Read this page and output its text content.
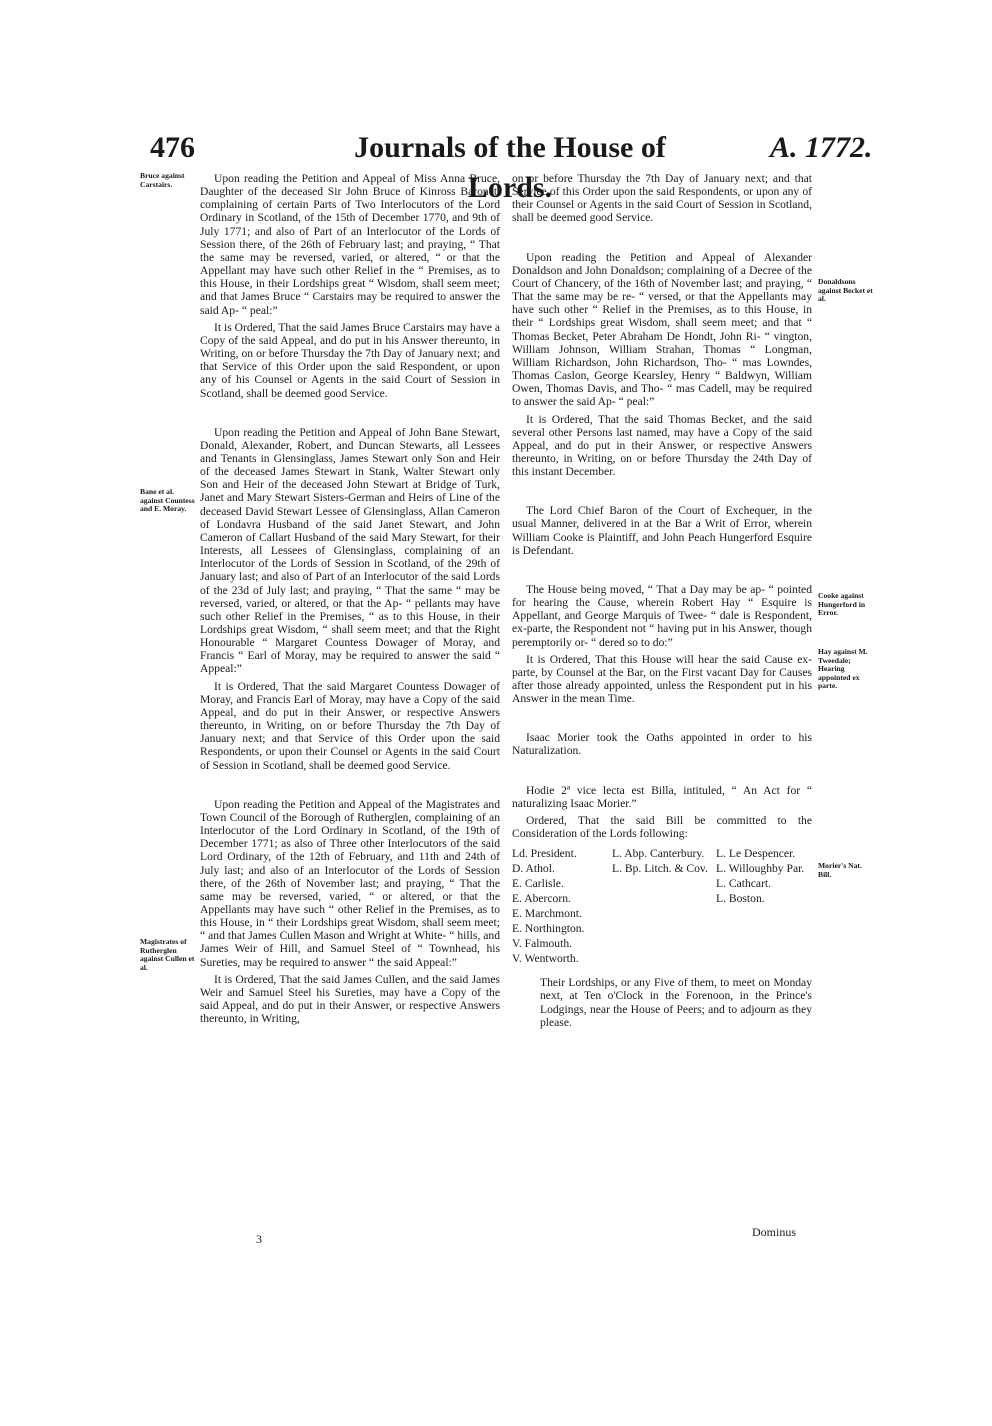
476	Journals of the House of Lords.
A. 1772.
Bruce against Carstairs.
Bane et al. against Countess and E. Moray.
Magistrates of Rutherglen against Cullen et al.
Donaldsons against Becket et al.
Cooke against Hungerford in Error.
Hay against M. Tweedale; Hearing appointed ex parte.
Morier's Nat. Bill.

Upon reading the Petition and Appeal of Miss Anna Bruce, Daughter of the deceased Sir John Bruce of Kinross Baronet, complaining of certain Parts of Two Interlocutors of the Lord Ordinary in Scotland, of the 15th of December 1770, and 9th of July 1771; and also of Part of an Interlocutor of the Lords of Session there, of the 26th of February last; and praying, “ That the same may be reversed, varied, or altered, “ or that the Appellant may have such other Relief in the “ Premises, as to this House, in their Lordships great “ Wisdom, shall seem meet; and that James Bruce “ Carstairs may be required to answer the said Ap- “ peal:”

It is Ordered, That the said James Bruce Carstairs may have a Copy of the said Appeal, and do put in his Answer thereunto, in Writing, on or before Thursday the 7th Day of January next; and that Service of this Order upon the said Respondent, or upon any of his Counsel or Agents in the said Court of Session in Scotland, shall be deemed good Service.

Upon reading the Petition and Appeal of John Bane Stewart, Donald, Alexander, Robert, and Duncan Stewarts, all Lessees and Tenants in Glensinglass, James Stewart only Son and Heir of the deceased James Stewart in Stank, Walter Stewart only Son and Heir of the deceased John Stewart at Bridge of Turk, Janet and Mary Stewart Sisters-German and Heirs of Line of the deceased David Stewart Lessee of Glensinglass, Allan Cameron of Londavra Husband of the said Janet Stewart, and John Cameron of Callart Husband of the said Mary Stewart, for their Interests, all Lessees of Glensinglass, complaining of an Interlocutor of the Lords of Session in Scotland, of the 29th of January last; and also of Part of an Interlocutor of the said Lords of the 23d of July last; and praying, “ That the same “ may be reversed, varied, or altered, or that the Ap- “ pellants may have such other Relief in the Premises, “ as to this House, in their Lordships great Wisdom, “ shall seem meet; and that the Right Honourable “ Margaret Countess Dowager of Moray, and Francis “ Earl of Moray, may be required to answer the said “ Appeal:”

It is Ordered, That the said Margaret Countess Dowager of Moray, and Francis Earl of Moray, may have a Copy of the said Appeal, and do put in their Answer, or respective Answers thereunto, in Writing, on or before Thursday the 7th Day of January next; and that Service of this Order upon the said Respondents, or upon their Counsel or Agents in the said Court of Session in Scotland, shall be deemed good Service.

Upon reading the Petition and Appeal of the Magistrates and Town Council of the Borough of Rutherglen, complaining of an Interlocutor of the Lord Ordinary in Scotland, of the 19th of December 1771; as also of Three other Interlocutors of the said Lord Ordinary, of the 12th of February, and 11th and 24th of July last; and also of an Interlocutor of the Lords of Session there, of the 26th of November last; and praying, “ That the same may be reversed, varied, “ or altered, or that the Appellants may have such “ other Relief in the Premises, as to this House, in “ their Lordships great Wisdom, shall seem meet; “ and that James Cullen Mason and Wright at White- “ hills, and James Weir of Hill, and Samuel Steel of “ Townhead, his Sureties, may be required to answer “ the said Appeal:”

It is Ordered, That the said James Cullen, and the said James Weir and Samuel Steel his Sureties, may have a Copy of the said Appeal, and do put in their Answer, or respective Answers thereunto, in Writing,

on or before Thursday the 7th Day of January next; and that Service of this Order upon the said Respondents, or upon any of their Counsel or Agents in the said Court of Session in Scotland, shall be deemed good Service.

Upon reading the Petition and Appeal of Alexander Donaldson and John Donaldson; complaining of a Decree of the Court of Chancery, of the 16th of November last; and praying, “ That the same may be re- “ versed, or that the Appellants may have such other “ Relief in the Premises, as to this House, in their “ Lordships great Wisdom, shall seem meet; and that “ Thomas Becket, Peter Abraham De Hondt, John Ri- “ vington, William Johnson, William Strahan, Thomas “ Longman, William Richardson, John Richardson, Tho- “ mas Lowndes, Thomas Caslon, George Kearsley, Henry “ Baldwyn, William Owen, Thomas Davis, and Tho- “ mas Cadell, may be required to answer the said Ap- “ peal:”

It is Ordered, That the said Thomas Becket, and the said several other Persons last named, may have a Copy of the said Appeal, and do put in their Answer, or respective Answers thereunto, in Writing, on or before Thursday the 24th Day of this instant December.

The Lord Chief Baron of the Court of Exchequer, in the usual Manner, delivered in at the Bar a Writ of Error, wherein William Cooke is Plaintiff, and John Peach Hungerford Esquire is Defendant.

The House being moved, “ That a Day may be ap- “ pointed for hearing the Cause, wherein Robert Hay “ Esquire is Appellant, and George Marquis of Twee- “ dale is Respondent, ex-parte, the Respondent not “ having put in his Answer, though peremptorily or- “ dered so to do:”

It is Ordered, That this House will hear the said Cause ex-parte, by Counsel at the Bar, on the First vacant Day for Causes after those already appointed, unless the Respondent put in his Answer in the mean Time.

Isaac Morier took the Oaths appointed in order to his Naturalization.

Hodie 2ª vice lecta est Billa, intituled, “ An Act for “ naturalizing Isaac Morier.”

Ordered, That the said Bill be committed to the Consideration of the Lords following:

Ld. President.
D. Athol.
E. Carlisle.
E. Abercorn.
E. Marchmont.
E. Northington.
V. Falmouth.
V. Wentworth.
L. Abp. Canterbury.
L. Bp. Litch. & Cov.
L. Le Despencer.
L. Willoughby Par.
L. Cathcart.
L. Boston.

Their Lordships, or any Five of them, to meet on Monday next, at Ten o'Clock in the Forenoon, in the Prince's Lodgings, near the House of Peers; and to adjourn as they please.

3	Dominus
